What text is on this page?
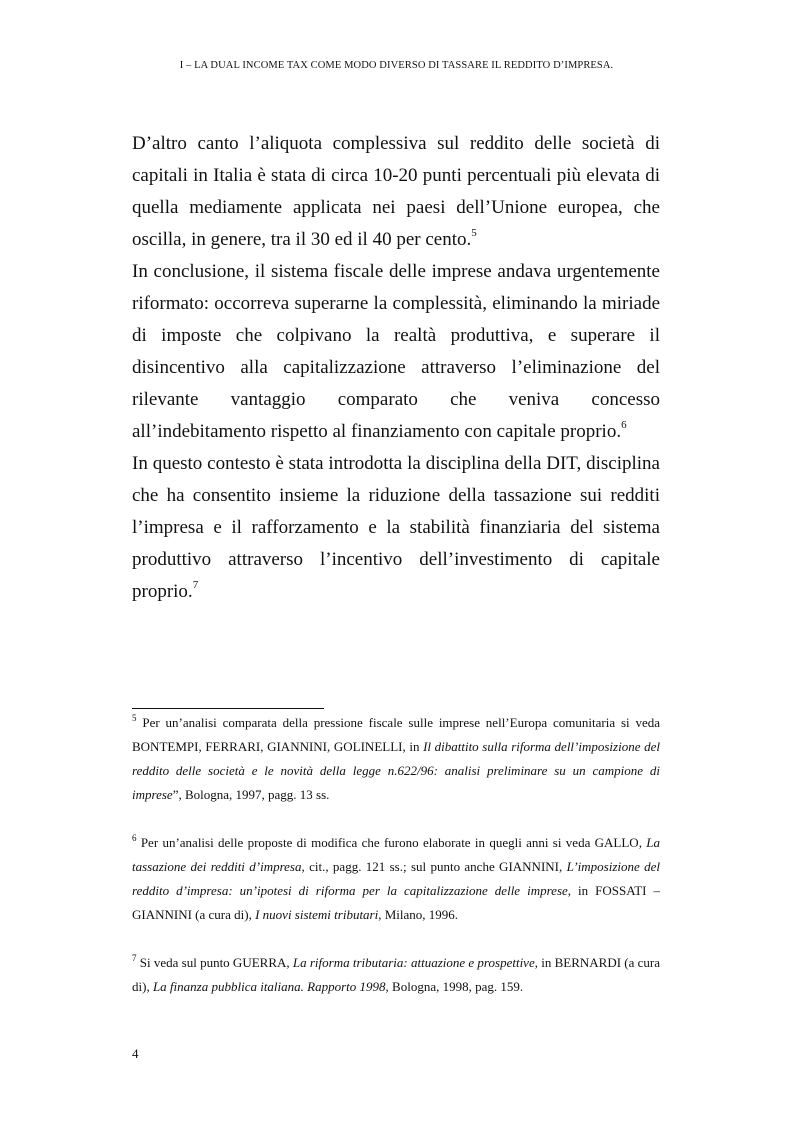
I – LA DUAL INCOME TAX COME MODO DIVERSO DI TASSARE IL REDDITO D’IMPRESA.

D’altro canto l’aliquota complessiva sul reddito delle società di capitali in Italia è stata di circa 10-20 punti percentuali più elevata di quella mediamente applicata nei paesi dell’Unione europea, che oscilla, in genere, tra il 30 ed il 40 per cento.$^5$

In conclusione, il sistema fiscale delle imprese andava urgentemente riformato: occorreva superarne la complessità, eliminando la miriade di imposte che colpivano la realtà produttiva, e superare il disincentivo alla capitalizzazione attraverso l’eliminazione del rilevante vantaggio comparato che veniva concesso all’indebitamento rispetto al finanziamento con capitale proprio.$^6$

In questo contesto è stata introdotta la disciplina della DIT, disciplina che ha consentito insieme la riduzione della tassazione sui redditi l’impresa e il rafforzamento e la stabilità finanziaria del sistema produttivo attraverso l’incentivo dell’investimento di capitale proprio.$^7$

$^5$ Per un’analisi comparata della pressione fiscale sulle imprese nell’Europa comunitaria si veda BONTEMPI, FERRARI, GIANNINI, GOLINELLI, in Il dibattito sulla riforma dell’imposizione del reddito delle società e le novità della legge n.622/96: analisi preliminare su un campione di imprese”, Bologna, 1997, pagg. 13 ss.

$^6$ Per un’analisi delle proposte di modifica che furono elaborate in quegli anni si veda GALLO, La tassazione dei redditi d’impresa, cit., pagg. 121 ss.; sul punto anche GIANNINI, L’imposizione del reddito d’impresa: un’ipotesi di riforma per la capitalizzazione delle imprese, in FOSSATI – GIANNINI (a cura di), I nuovi sistemi tributari, Milano, 1996.

$^7$ Si veda sul punto GUERRA, La riforma tributaria: attuazione e prospettive, in BERNARDI (a cura di), La finanza pubblica italiana. Rapporto 1998, Bologna, 1998, pag. 159.

4
